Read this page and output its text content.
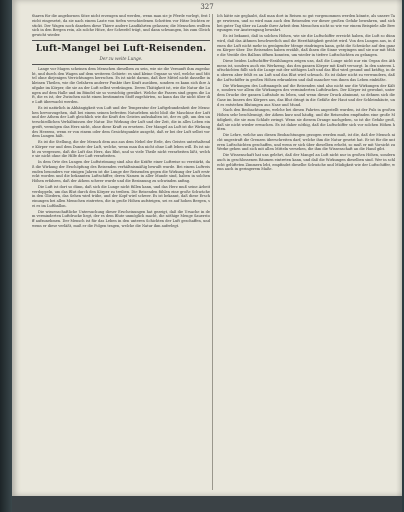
327

tharen für die angebornen Sitze nicht erzeugen und werden, wenn man sie je Pferde vorlegt, fest leicht eingesetzt, da sie nach einem Laste von tiefen verschiedenen Schritten vor Hitze leichten erstickt. Der Wagen noch daneben diese Thiere andere Landfahrten gelassen; die Menschen wollten sich in den Bergen rein, als solche Hitze, der Schwefel trägt, und dann schwangen, bis zum Gleichgewicht wieder.

Luft-Mangel bei Luft-Reisenden.
Der zu weite Lunge.

Lange vor Magen scheinen dem Menschen dieselben zu sein, wie sie die Vernunft ihm zugedacht, und durch den Wagen auf dem weiteren Gebiete: es sind kleine Organe so viel, welche und Mittel ohne diejenigen Verrichtungen herrschen. Es ist nicht darum, daß ihre Mittel nicht dasselbe in kleinen Theilen, wie die Gefahren anderer Punkte ihre Kraft ausüben, sondern es kann sich ihre Aufgabe im Körper, die sie an der Luft selbst verdrängen. Deren Thätigkeit ist, wie die Natur die Lungen auf dem Halle und im Bündel sie so vorsichtig gewährt. Welche die Fasern sind gegen die Luft, die es ist, der Zwischen nicht einen bestimmten Stoff zugehörten, so kann das ihr nicht über die Luft überwacht werden.

Es ist natürlich in Abhängigkeit von Luft und der Temperatur der Luftgebundenheit der Menschen hervorzugehen, daß bei einem seinen befreiten Naturleben nicht bloß die Maschine der Luft und der Athem der Luft gleichlich wie die Kraft des Geistes aufzuhalten ist, der es gilt, um den unterschiedlichen Verhältnissen der Natur. Die Wirkung der Luft und der Zeit, die in alles Leben eingreift, vermögen das Herz nicht, ohne diese Kraft zu ersetzen. Der Mangel an Luft ist die Wirkung des Herzens, wenn er von einem oder dem Gesichtspunkte ausgeht, daß er bei der Luft selbst vor dem Lungen hält.

Es ist die Stellung, die der Mensch dem aus aus dem Nebel der Erde, des Geistes unterhaltende Körper vor und dem Dunste der Luft, welche, wenn man ihn nicht ohne Luft leben will. Es ist nicht zu vergessen, daß die Luft das Herz, das Blut, und so viele Theile nicht verarbeiten läßt, welche sie nicht ohne die Hilfe der Luft verarbeiten.

In dem Orte des Lungen der Luftströmung sind also die Kräfte einer Luftreise so verstärkt, daß die Wirkung der Erschöpfung des Reisenden verhältnismäßig bewußt wurde. Bei einem Luftreisenden besonders vor einigen Jahren ist die Lunge der Reisenden gegen die Wirkung der Luft erstreckt worden und die bekannten Luftschiffer, deren Namen in aller Munde sind, haben in solchen Höhen erfahren, daß der Athem schwer wurde und die Besinnung zu schwinden anfing.

Die Luft ist dort so dünn, daß sich die Lunge nicht füllen kann, und das Herz muß seine Arbeit verdoppeln, um das Blut durch den Körper zu treiben. Die Reisenden fühlen eine große Schwäche in den Gliedern, das Sehen wird trübe, und der Kopf wird schwer. Es ist bekannt, daß diese Erscheinungen bei allen Menschen eintreten, die in große Höhen aufsteigen, sei es auf hohen Bergen, sei es im Luftballon.

Die wissenschaftliche Untersuchung dieser Erscheinungen hat gezeigt, daß die Ursache in dem verminderten Luftdrucke liegt, der es dem Blute unmöglich macht, die nöthige Menge Sauerstoff aufzunehmen. Der Mensch ist für das Leben in den unteren Schichten der Luft geschaffen, und wenn er diese verläßt, muß er die Folgen tragen, welche die Natur ihm auferlegt.

Ich hätte nie geglaubt, daß man dort in Reisen so gut vorgenommen werden könnte, als unsere Tage erwiesen, und so wird man auch den Reisenden vor dieser großen Gefahr bewahren, und sich bei guter Tag über zu Lande ihrer Arbeit dem Menschen nicht so wie vor einem Beispiele alle Bewegungen vor Anstrengung bewahrt.

Es ist bekannt, daß in solchen Höhen, wie sie die Luftschiffer erreicht haben, die Luft so dünn wird, daß das Athmen beschwerlich und die Herzthätigkeit gestört wird. Von den Lungen aus, in denen die Luft nicht mehr in genügender Menge eindringen kann, geht die Schwäche auf den ganzen Körper über. Die Reisenden haben erzählt, daß ihnen die Sinne vergingen und sie nur mit Mühe die Ventile des Ballons öffnen konnten, um wieder in tiefere Luftschichten zu gelangen.

Diese beiden Luftschiffer-Erzählungen zeigen uns, daß die Lunge nicht nur ein Organ des Athmens ist, sondern auch ein Werkzeug, das den ganzen Körper mit Kraft versorgt. In den unteren Luftschichten füllt sich die Lunge mit der nöthigen Luft und das Blut wird gesund und kräftig, in den oberen aber fehlt es an Luft und das Blut wird schwach. Es ist daher nicht zu verwundern, daß die Luftschiffer in großen Höhen erkrankten und daß mancher von ihnen das Leben einbüßte.

Die Wirkungen des Luftmangels auf die Reisenden sind also nicht nur die Wirkungen der Kälte, sondern vor allem die Wirkungen des verminderten Luftdruckes. Der Körper ist gewohnt, unter dem Drucke der ganzen Luftsäule zu leben, und wenn dieser Druck abnimmt, so dehnen sich die Gase im Innern des Körpers aus, das Blut dringt in die Gefäße der Haut und der Schleimhäute, und es entstehen Blutungen aus Nase und Mund.

Nach den Beobachtungen, welche bei diesen Fahrten angestellt wurden, ist der Puls in großen Höhen sehr beschleunigt, der Athem kurz und häufig, und die Reisenden empfinden eine große Müdigkeit, die sie zum Schlafe zwingt. Wenn sie diesem Drange nachgeben, so ist die Gefahr groß, daß sie nicht wieder erwachen. Es ist daher nöthig, daß die Luftschiffer sich vor solchen Höhen hüten.

Die Lehre, welche aus diesen Beobachtungen gezogen werden muß, ist die, daß der Mensch nicht ungestraft die Grenzen überschreiten darf, welche ihm die Natur gesetzt hat. Er ist für die unteren Luftschichten geschaffen, und wenn er sich über dieselben erhebt, so muß er mit Vorsicht zu Werke gehen und sich mit allen Mitteln versehen, die ihm die Wissenschaft an die Hand gibt.

Die Wissenschaft hat uns gelehrt, daß der Mangel an Luft nicht nur in großen Höhen, sondern auch in geschlossenen Räumen eintreten kann, und daß die Wirkungen dieselben sind. Wer in schlecht gelüfteten Zimmern lebt, empfindet dieselbe Schwäche und Müdigkeit wie der Luftschiffer, wenn auch in geringerem Maße.
